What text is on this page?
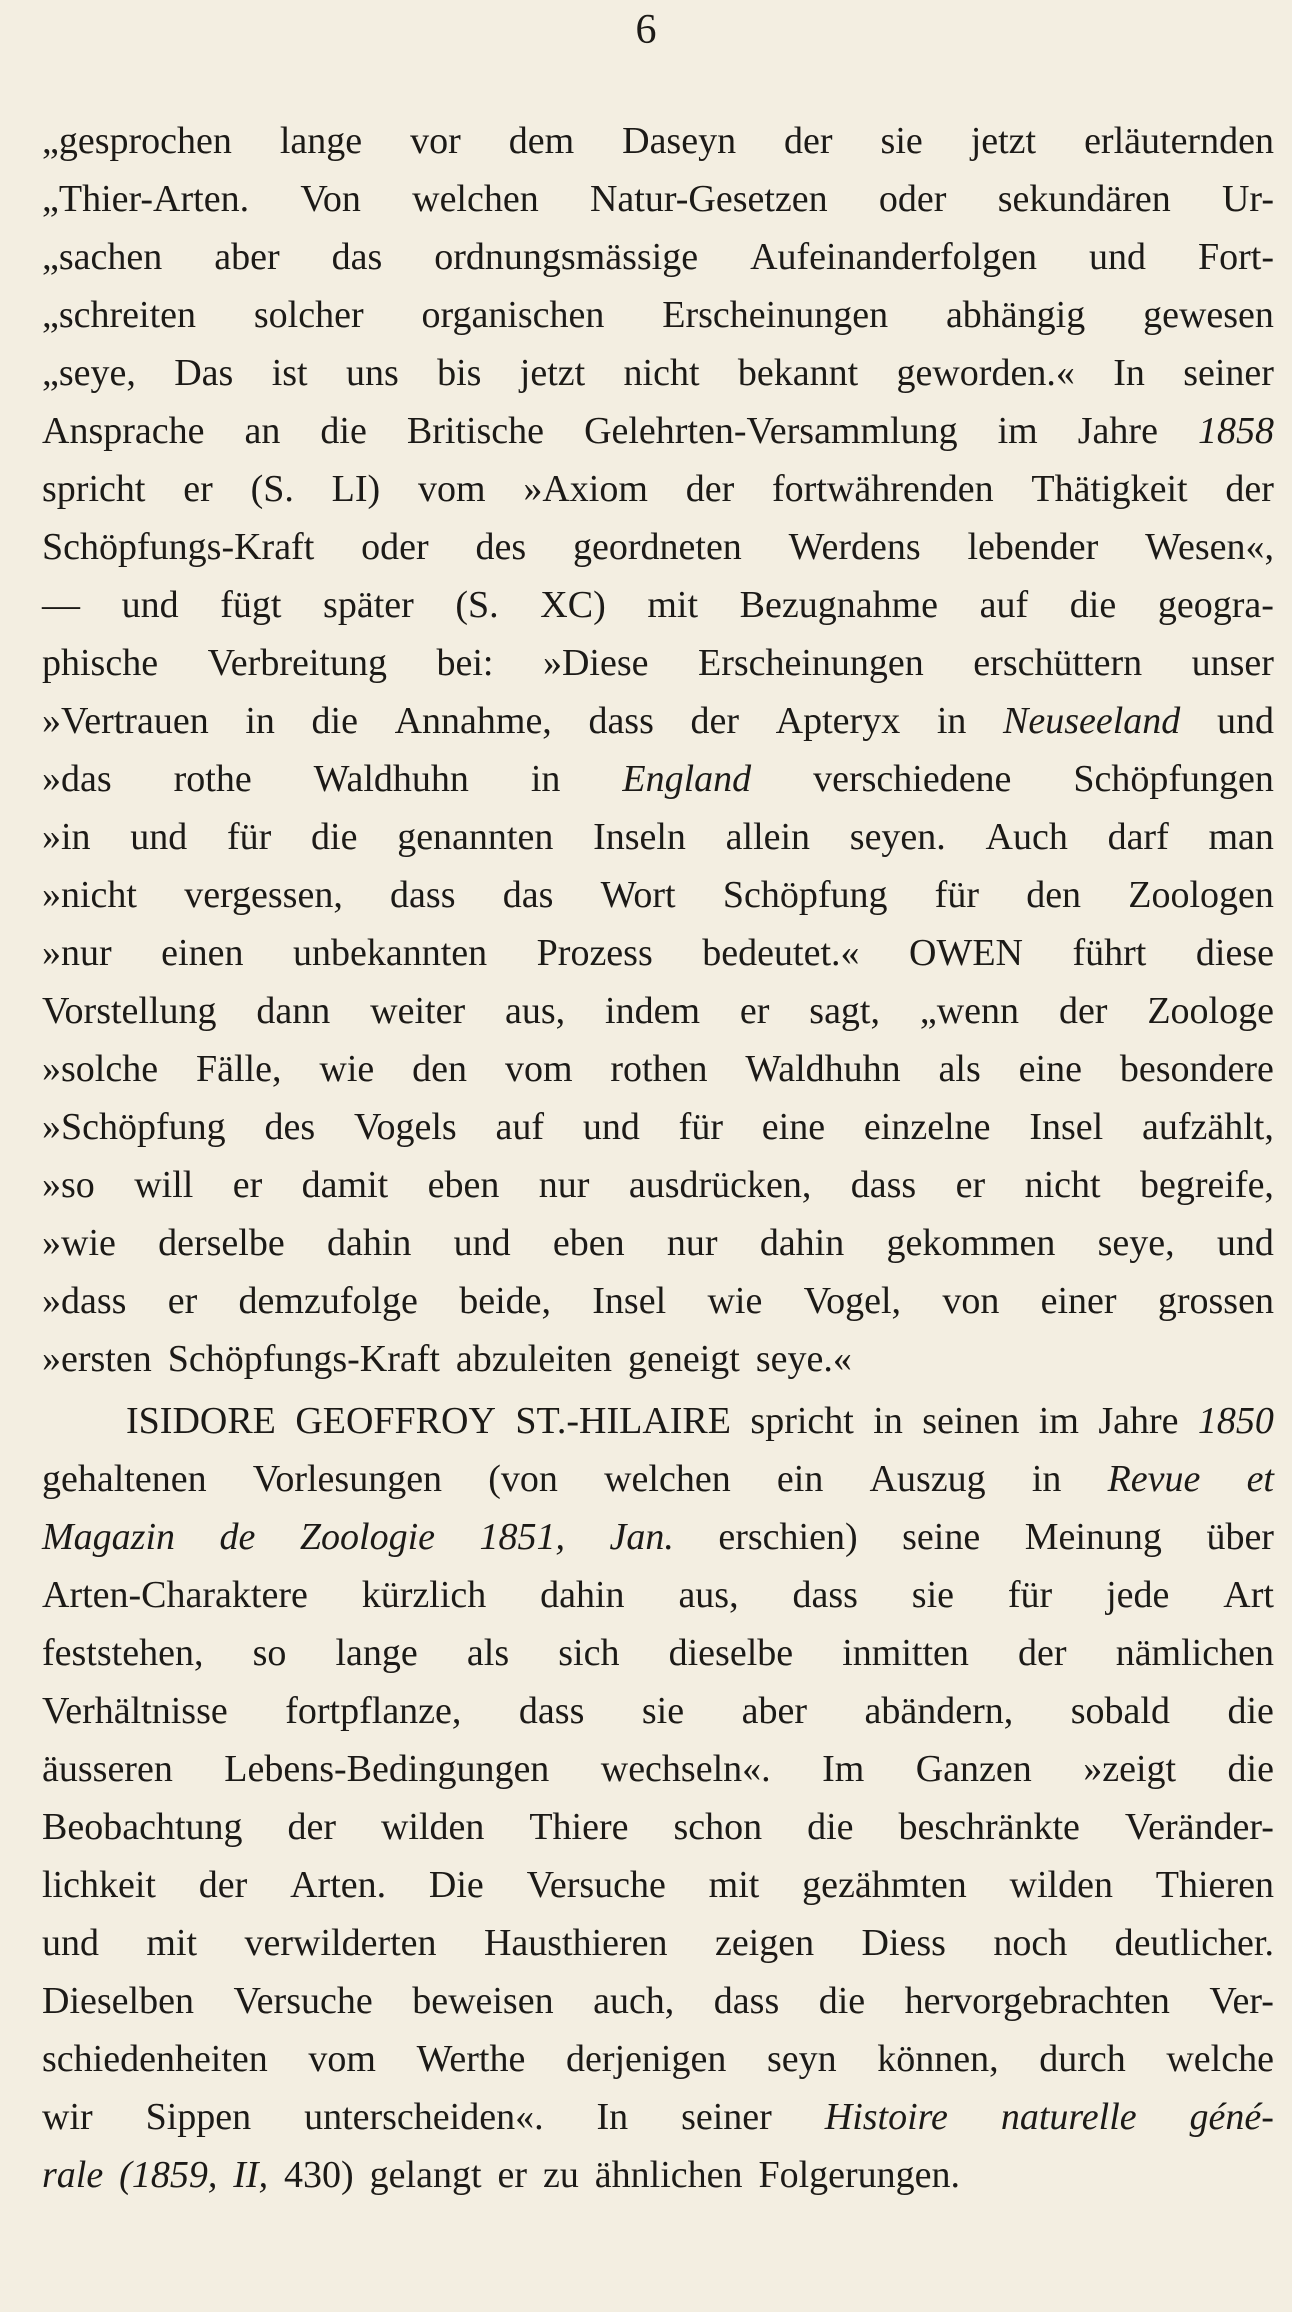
6
„gesprochen lange vor dem Daseyn der sie jetzt erläuternden
„Thier-Arten. Von welchen Natur-Gesetzen oder sekundären Ur-
„sachen aber das ordnungsmässige Aufeinanderfolgen und Fort-
„schreiten solcher organischen Erscheinungen abhängig gewesen
„seye, Das ist uns bis jetzt nicht bekannt geworden.« In seiner
Ansprache an die Britische Gelehrten-Versammlung im Jahre 1858
spricht er (S. LI) vom »Axiom der fortwährenden Thätigkeit der
Schöpfungs-Kraft oder des geordneten Werdens lebender Wesen«,
— und fügt später (S. XC) mit Bezugnahme auf die geogra-
phische Verbreitung bei: »Diese Erscheinungen erschüttern unser
»Vertrauen in die Annahme, dass der Apteryx in Neuseeland und
»das rothe Waldhuhn in England verschiedene Schöpfungen
»in und für die genannten Inseln allein seyen. Auch darf man
»nicht vergessen, dass das Wort Schöpfung für den Zoologen
»nur einen unbekannten Prozess bedeutet.« OWEN führt diese
Vorstellung dann weiter aus, indem er sagt, „wenn der Zoologe
»solche Fälle, wie den vom rothen Waldhuhn als eine besondere
»Schöpfung des Vogels auf und für eine einzelne Insel aufzählt,
»so will er damit eben nur ausdrücken, dass er nicht begreife,
»wie derselbe dahin und eben nur dahin gekommen seye, und
»dass er demzufolge beide, Insel wie Vogel, von einer grossen
»ersten Schöpfungs-Kraft abzuleiten geneigt seye.«
ISIDORE GEOFFROY ST.-HILAIRE spricht in seinen im Jahre 1850
gehaltenen Vorlesungen (von welchen ein Auszug in Revue et
Magazin de Zoologie 1851, Jan. erschien) seine Meinung über
Arten-Charaktere kürzlich dahin aus, dass sie für jede Art
feststehen, so lange als sich dieselbe inmitten der nämlichen
Verhältnisse fortpflanze, dass sie aber abändern, sobald die
äusseren Lebens-Bedingungen wechseln«. Im Ganzen »zeigt die
Beobachtung der wilden Thiere schon die beschränkte Veränder-
lichkeit der Arten. Die Versuche mit gezähmten wilden Thieren
und mit verwilderten Hausthieren zeigen Diess noch deutlicher.
Dieselben Versuche beweisen auch, dass die hervorgebrachten Ver-
schiedenheiten vom Werthe derjenigen seyn können, durch welche
wir Sippen unterscheiden«. In seiner Histoire naturelle géné-
rale (1859, II, 430) gelangt er zu ähnlichen Folgerungen.
